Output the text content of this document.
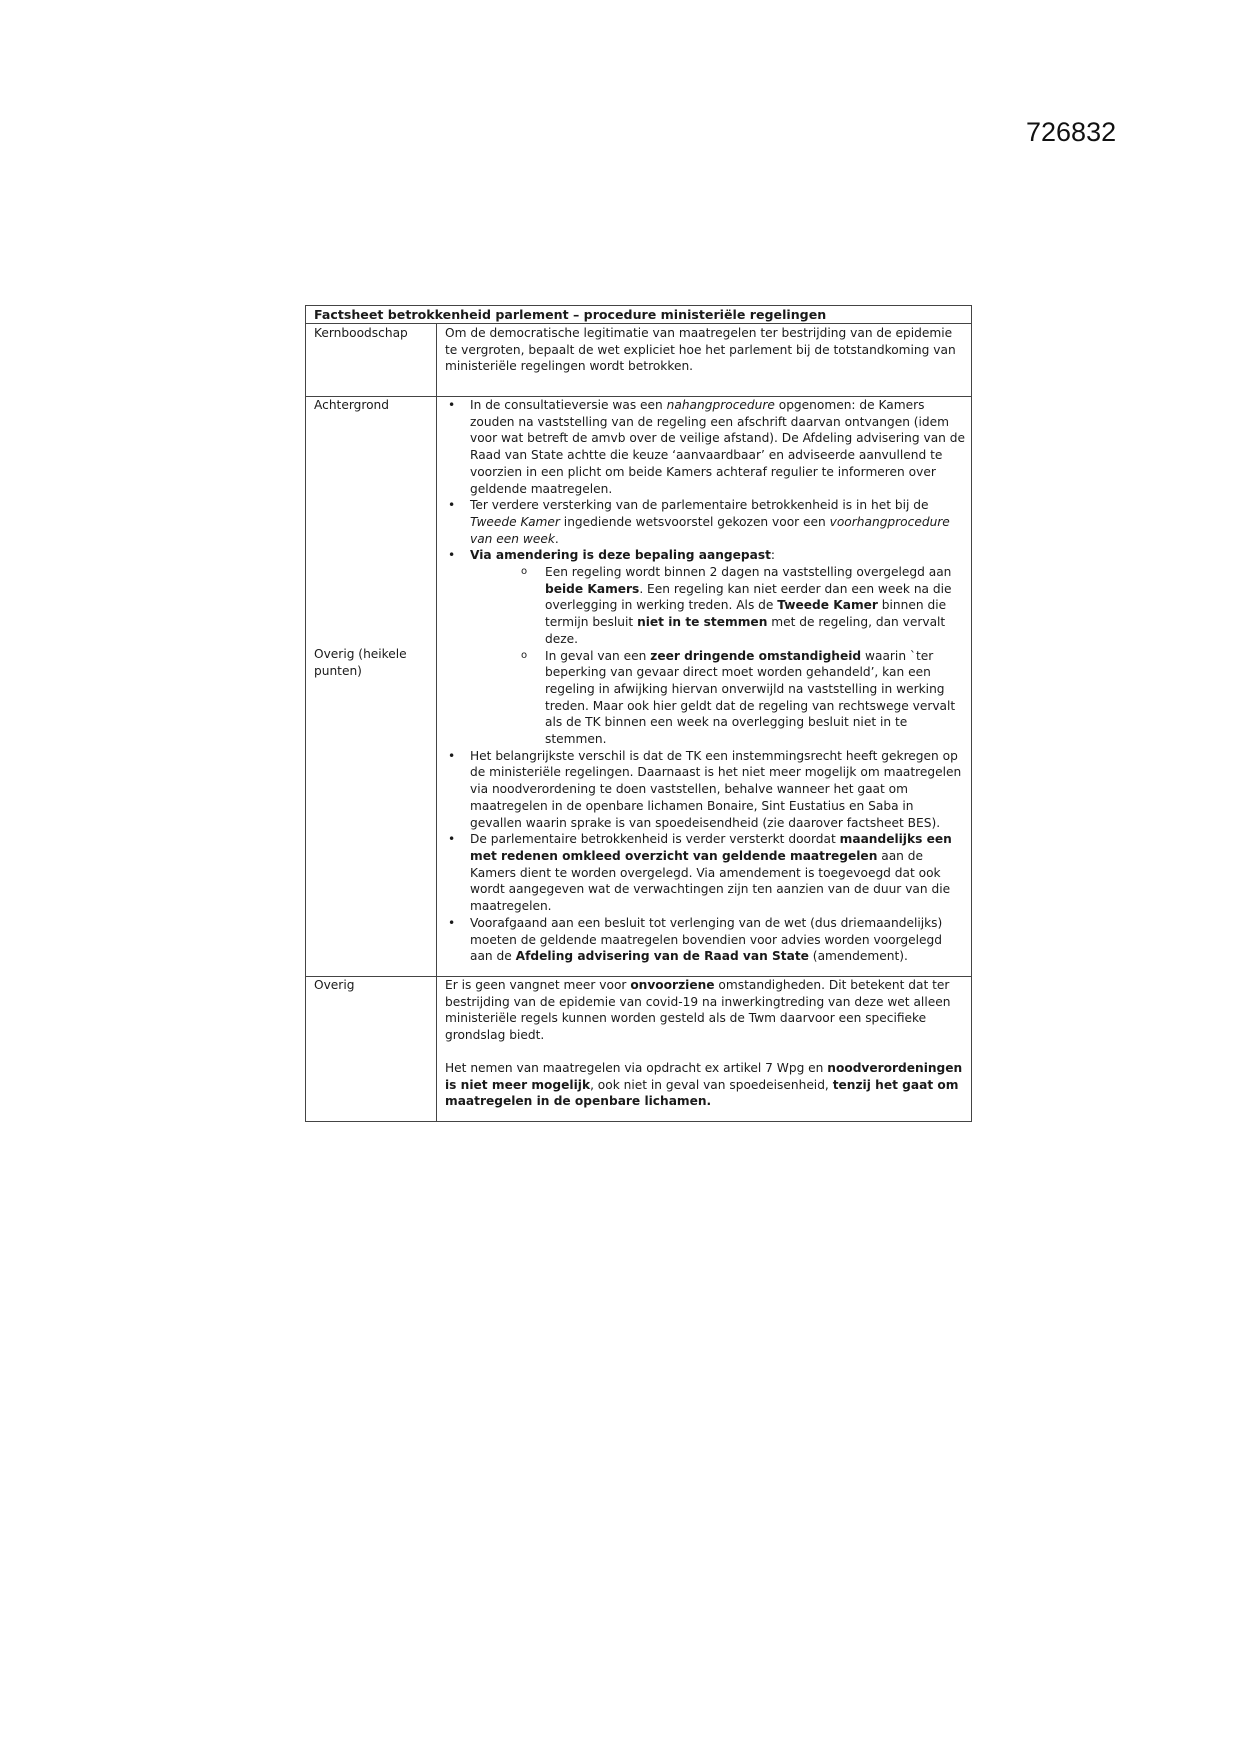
726832
Factsheet betrokkenheid parlement – procedure ministeriële regelingen
Kernboodschap	Om de democratische legitimatie van maatregelen ter bestrijding van de epidemie te vergroten, bepaalt de wet expliciet hoe het parlement bij de totstandkoming van ministeriële regelingen wordt betrokken.

Achtergrond
Overig (heikele punten)
• In de consultatieversie was een nahangprocedure opgenomen: de Kamers zouden na vaststelling van de regeling een afschrift daarvan ontvangen (idem voor wat betreft de amvb over de veilige afstand). De Afdeling advisering van de Raad van State achtte die keuze ‘aanvaardbaar’ en adviseerde aanvullend te voorzien in een plicht om beide Kamers achteraf regulier te informeren over geldende maatregelen.
• Ter verdere versterking van de parlementaire betrokkenheid is in het bij de Tweede Kamer ingediende wetsvoorstel gekozen voor een voorhangprocedure van een week.
• Via amendering is deze bepaling aangepast:
o Een regeling wordt binnen 2 dagen na vaststelling overgelegd aan beide Kamers. Een regeling kan niet eerder dan een week na die overlegging in werking treden. Als de Tweede Kamer binnen die termijn besluit niet in te stemmen met de regeling, dan vervalt deze.
o In geval van een zeer dringende omstandigheid waarin `ter beperking van gevaar direct moet worden gehandeld’, kan een regeling in afwijking hiervan onverwijld na vaststelling in werking treden. Maar ook hier geldt dat de regeling van rechtswege vervalt als de TK binnen een week na overlegging besluit niet in te stemmen.
• Het belangrijkste verschil is dat de TK een instemmingsrecht heeft gekregen op de ministeriële regelingen. Daarnaast is het niet meer mogelijk om maatregelen via noodverordening te doen vaststellen, behalve wanneer het gaat om maatregelen in de openbare lichamen Bonaire, Sint Eustatius en Saba in gevallen waarin sprake is van spoedeisendheid (zie daarover factsheet BES).
• De parlementaire betrokkenheid is verder versterkt doordat maandelijks een met redenen omkleed overzicht van geldende maatregelen aan de Kamers dient te worden overgelegd. Via amendement is toegevoegd dat ook wordt aangegeven wat de verwachtingen zijn ten aanzien van de duur van die maatregelen.
• Voorafgaand aan een besluit tot verlenging van de wet (dus driemaandelijks) moeten de geldende maatregelen bovendien voor advies worden voorgelegd aan de Afdeling advisering van de Raad van State (amendement).
Overig	Er is geen vangnet meer voor onvoorziene omstandigheden. Dit betekent dat ter bestrijding van de epidemie van covid-19 na inwerkingtreding van deze wet alleen ministeriële regels kunnen worden gesteld als de Twm daarvoor een specifieke grondslag biedt.

Het nemen van maatregelen via opdracht ex artikel 7 Wpg en noodverordeningen is niet meer mogelijk, ook niet in geval van spoedeisenheid, tenzij het gaat om maatregelen in de openbare lichamen.
